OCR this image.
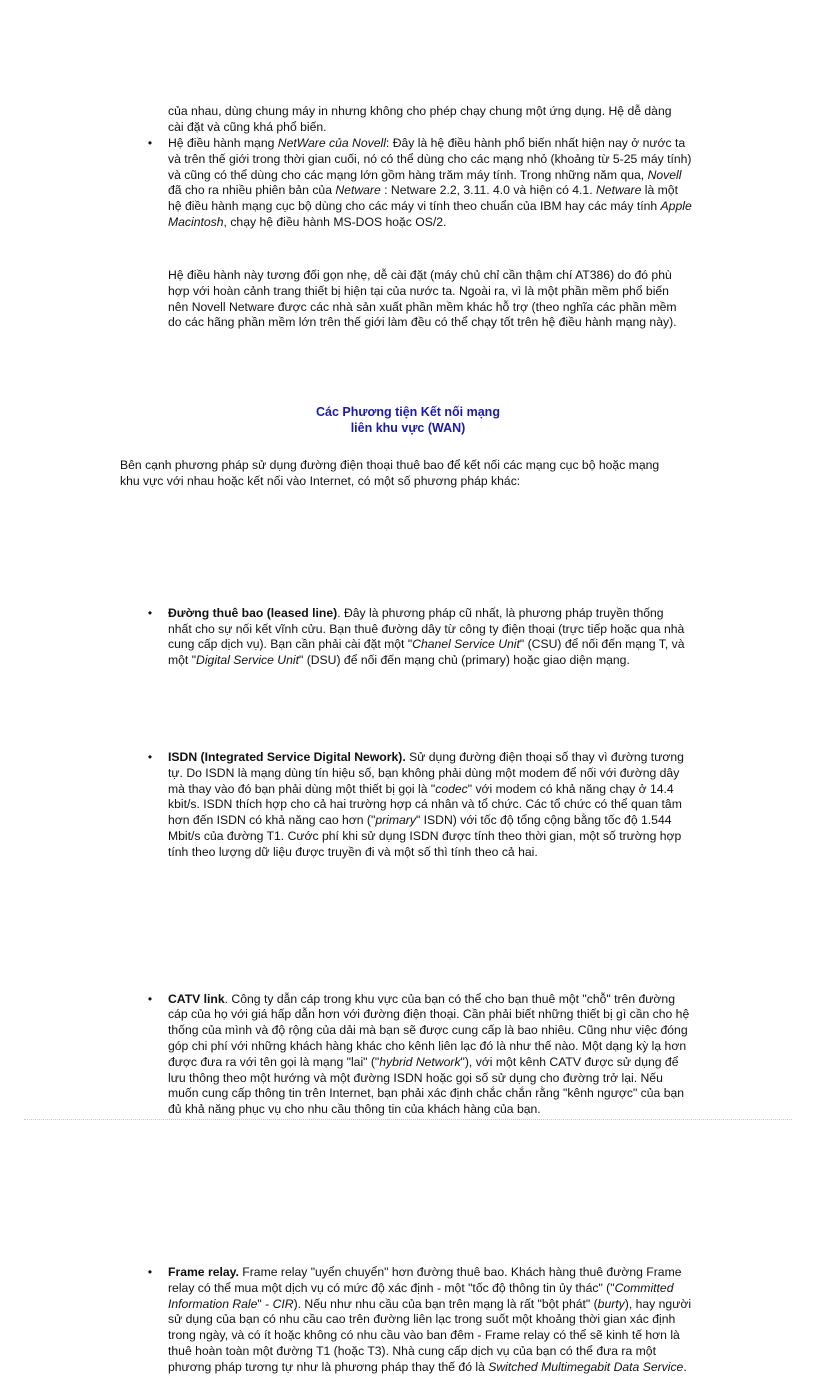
của nhau, dùng chung máy in nhưng không cho phép chạy chung một ứng dụng. Hệ dễ dàng cài đặt và cũng khá phổ biến.

•	Hệ điều hành mạng NetWare của Novell: Đây là hệ điều hành phổ biến nhất hiện nay ở nước ta và trên thế giới trong thời gian cuối, nó có thể dùng cho các mạng nhỏ (khoảng từ 5-25 máy tính) và cũng có thể dùng cho các mạng lớn gồm hàng trăm máy tính. Trong những năm qua, Novell đã cho ra nhiều phiên bản của Netware : Netware 2.2, 3.11. 4.0 và hiện có 4.1. Netware là một hệ điều hành mạng cục bộ dùng cho các máy vi tính theo chuẩn của IBM hay các máy tính Apple Macintosh, chạy hệ điều hành MS-DOS hoặc OS/2.

Hệ điều hành này tương đối gọn nhẹ, dễ cài đặt (máy chủ chỉ cần thậm chí AT386) do đó phù hợp với hoàn cảnh trang thiết bị hiện tại của nước ta. Ngoài ra, vì là một phần mềm phổ biến nên Novell Netware được các nhà sản xuất phần mềm khác hỗ trợ (theo nghĩa các phần mềm do các hãng phần mềm lớn trên thế giới làm đều có thể chạy tốt trên hệ điều hành mạng này).

Các Phương tiện Kết nối mạng
liên khu vực (WAN)

Bên cạnh phương pháp sử dụng đường điện thoại thuê bao để kết nối các mạng cục bộ hoặc mạng khu vực với nhau hoặc kết nối vào Internet, có một số phương pháp khác:

•	Đường thuê bao (leased line). Đây là phương pháp cũ nhất, là phương pháp truyền thống nhất cho sự nối kết vĩnh cửu. Bạn thuê đường dây từ công ty điện thoại (trực tiếp hoặc qua nhà cung cấp dịch vụ). Bạn cần phải cài đặt một "Chanel Service Unit" (CSU) để nối đến mạng T, và một "Digital Service Unit" (DSU) để nối đến mạng chủ (primary) hoặc giao diện mạng.

•	ISDN (Integrated Service Digital Nework). Sử dụng đường điện thoại số thay vì đường tương tự. Do ISDN là mạng dùng tín hiệu số, bạn không phải dùng một modem để nối với đường dây mà thay vào đó bạn phải dùng một thiết bị gọi là "codec" với modem có khả năng chạy ở 14.4 kbit/s. ISDN thích hợp cho cả hai trường hợp cá nhân và tổ chức. Các tổ chức có thể quan tâm hơn đến ISDN có khả năng cao hơn ("primary" ISDN) với tốc độ tổng cộng bằng tốc độ 1.544 Mbit/s của đường T1. Cước phí khi sử dụng ISDN được tính theo thời gian, một số trường hợp tính theo lượng dữ liệu được truyền đi và một số thì tính theo cả hai.

•	CATV link. Công ty dẫn cáp trong khu vực của bạn có thể cho bạn thuê một "chỗ" trên đường cáp của họ với giá hấp dẫn hơn với đường điện thoại. Cần phải biết những thiết bị gì cần cho hệ thống của mình và độ rộng của dải mà bạn sẽ được cung cấp là bao nhiêu. Cũng như việc đóng góp chi phí với những khách hàng khác cho kênh liên lạc đó là như thế nào. Một dạng kỳ lạ hơn được đưa ra với tên gọi là mạng "lai" ("hybrid Network"), với một kênh CATV được sử dụng để lưu thông theo một hướng và một đường ISDN hoặc gọi số sử dụng cho đường trở lại. Nếu muốn cung cấp thông tin trên Internet, bạn phải xác định chắc chắn rằng "kênh ngược" của bạn đủ khả năng phục vụ cho nhu cầu thông tin của khách hàng của bạn.

•	Frame relay. Frame relay "uyển chuyển" hơn đường thuê bao. Khách hàng thuê đường Frame relay có thể mua một dịch vụ có mức độ xác định - một "tốc độ thông tin ủy thác" ("Committed Information Rale" - CIR). Nếu như nhu cầu của bạn trên mạng là rất "bột phát" (burty), hay người sử dụng của bạn có nhu cầu cao trên đường liên lạc trong suốt một khoảng thời gian xác định trong ngày, và có ít hoặc không có nhu cầu vào ban đêm - Frame relay có thể sẽ kinh tế hơn là thuê hoàn toàn một đường T1 (hoặc T3). Nhà cung cấp dịch vụ của bạn có thể đưa ra một phương pháp tương tự như là phương pháp thay thế đó là Switched Multimegabit Data Service.
